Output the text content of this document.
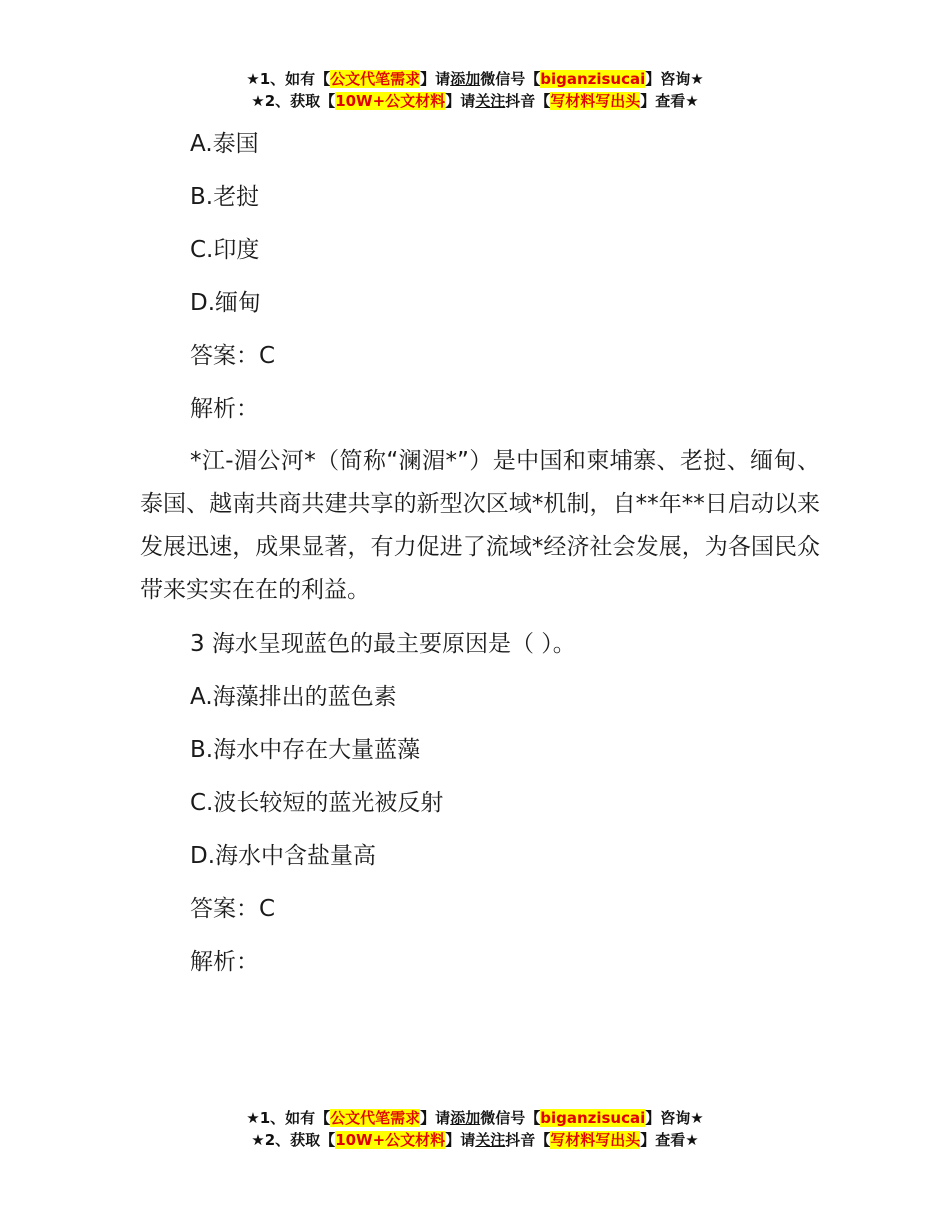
★1、如有【公文代笔需求】请添加微信号【biganzisucai】咨询★
★2、获取【10W+公文材料】请关注抖音【写材料写出头】查看★
A.泰国
B.老挝
C.印度
D.缅甸
答案：C
解析：
*江-湄公河*（简称“澜湄*”）是中国和柬埔寨、老挝、缅甸、泰国、越南共商共建共享的新型次区域*机制，自**年**日启动以来发展迅速，成果显著，有力促进了流域*经济社会发展，为各国民众带来实实在在的利益。
3 海水呈现蓝色的最主要原因是（ ）。
A.海藻排出的蓝色素
B.海水中存在大量蓝藻
C.波长较短的蓝光被反射
D.海水中含盐量高
答案：C
解析：
★1、如有【公文代笔需求】请添加微信号【biganzisucai】咨询★
★2、获取【10W+公文材料】请关注抖音【写材料写出头】查看★
